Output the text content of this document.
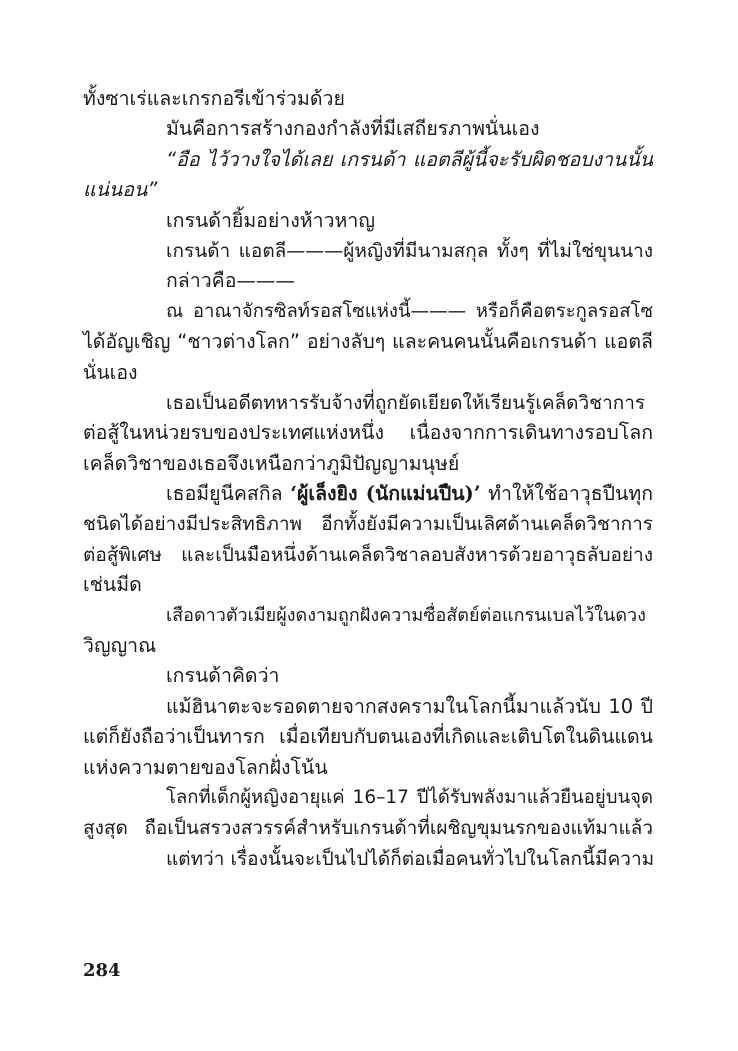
ทั้งซาเร่และเกรกอรีเข้าร่วมด้วย
มันคือการสร้างกองกำลังที่มีเสถียรภาพนั่นเอง
“อือ ไว้วางใจได้เลย เกรนด้า แอตลีผู้นี้จะรับผิดชอบงานนั้น
แน่นอน”
เกรนด้ายิ้มอย่างห้าวหาญ
เกรนด้า แอตลี———ผู้หญิงที่มีนามสกุล ทั้งๆ ที่ไม่ใช่ขุนนาง
กล่าวคือ———
ณ อาณาจักรซิลท์รอสโซแห่งนี้——— หรือก็คือตระกูลรอสโซ
ได้อัญเชิญ “ชาวต่างโลก” อย่างลับๆ และคนคนนั้นคือเกรนด้า แอตลี
นั่นเอง
เธอเป็นอดีตทหารรับจ้างที่ถูกยัดเยียดให้เรียนรู้เคล็ดวิชาการ
ต่อสู้ในหน่วยรบของประเทศแห่งหนึ่ง เนื่องจากการเดินทางรอบโลก
เคล็ดวิชาของเธอจึงเหนือกว่าภูมิปัญญามนุษย์
เธอมียูนีคสกิล ‘ผู้เล็งยิง (นักแม่นปืน)’ ทำให้ใช้อาวุธปืนทุก
ชนิดได้อย่างมีประสิทธิภาพ อีกทั้งยังมีความเป็นเลิศด้านเคล็ดวิชาการ
ต่อสู้พิเศษ และเป็นมือหนึ่งด้านเคล็ดวิชาลอบสังหารด้วยอาวุธลับอย่าง
เช่นมีด
เสือดาวตัวเมียผู้งดงามถูกฝังความซื่อสัตย์ต่อแกรนเบลไว้ในดวง
วิญญาณ
เกรนด้าคิดว่า
แม้ฮินาตะจะรอดตายจากสงครามในโลกนี้มาแล้วนับ 10 ปี
แต่ก็ยังถือว่าเป็นทารก เมื่อเทียบกับตนเองที่เกิดและเติบโตในดินแดน
แห่งความตายของโลกฝั่งโน้น
โลกที่เด็กผู้หญิงอายุแค่ 16–17 ปีได้รับพลังมาแล้วยืนอยู่บนจุด
สูงสุด ถือเป็นสรวงสวรรค์สำหรับเกรนด้าที่เผชิญขุมนรกของแท้มาแล้ว
แต่ทว่า เรื่องนั้นจะเป็นไปได้ก็ต่อเมื่อคนทั่วไปในโลกนี้มีความ
284
